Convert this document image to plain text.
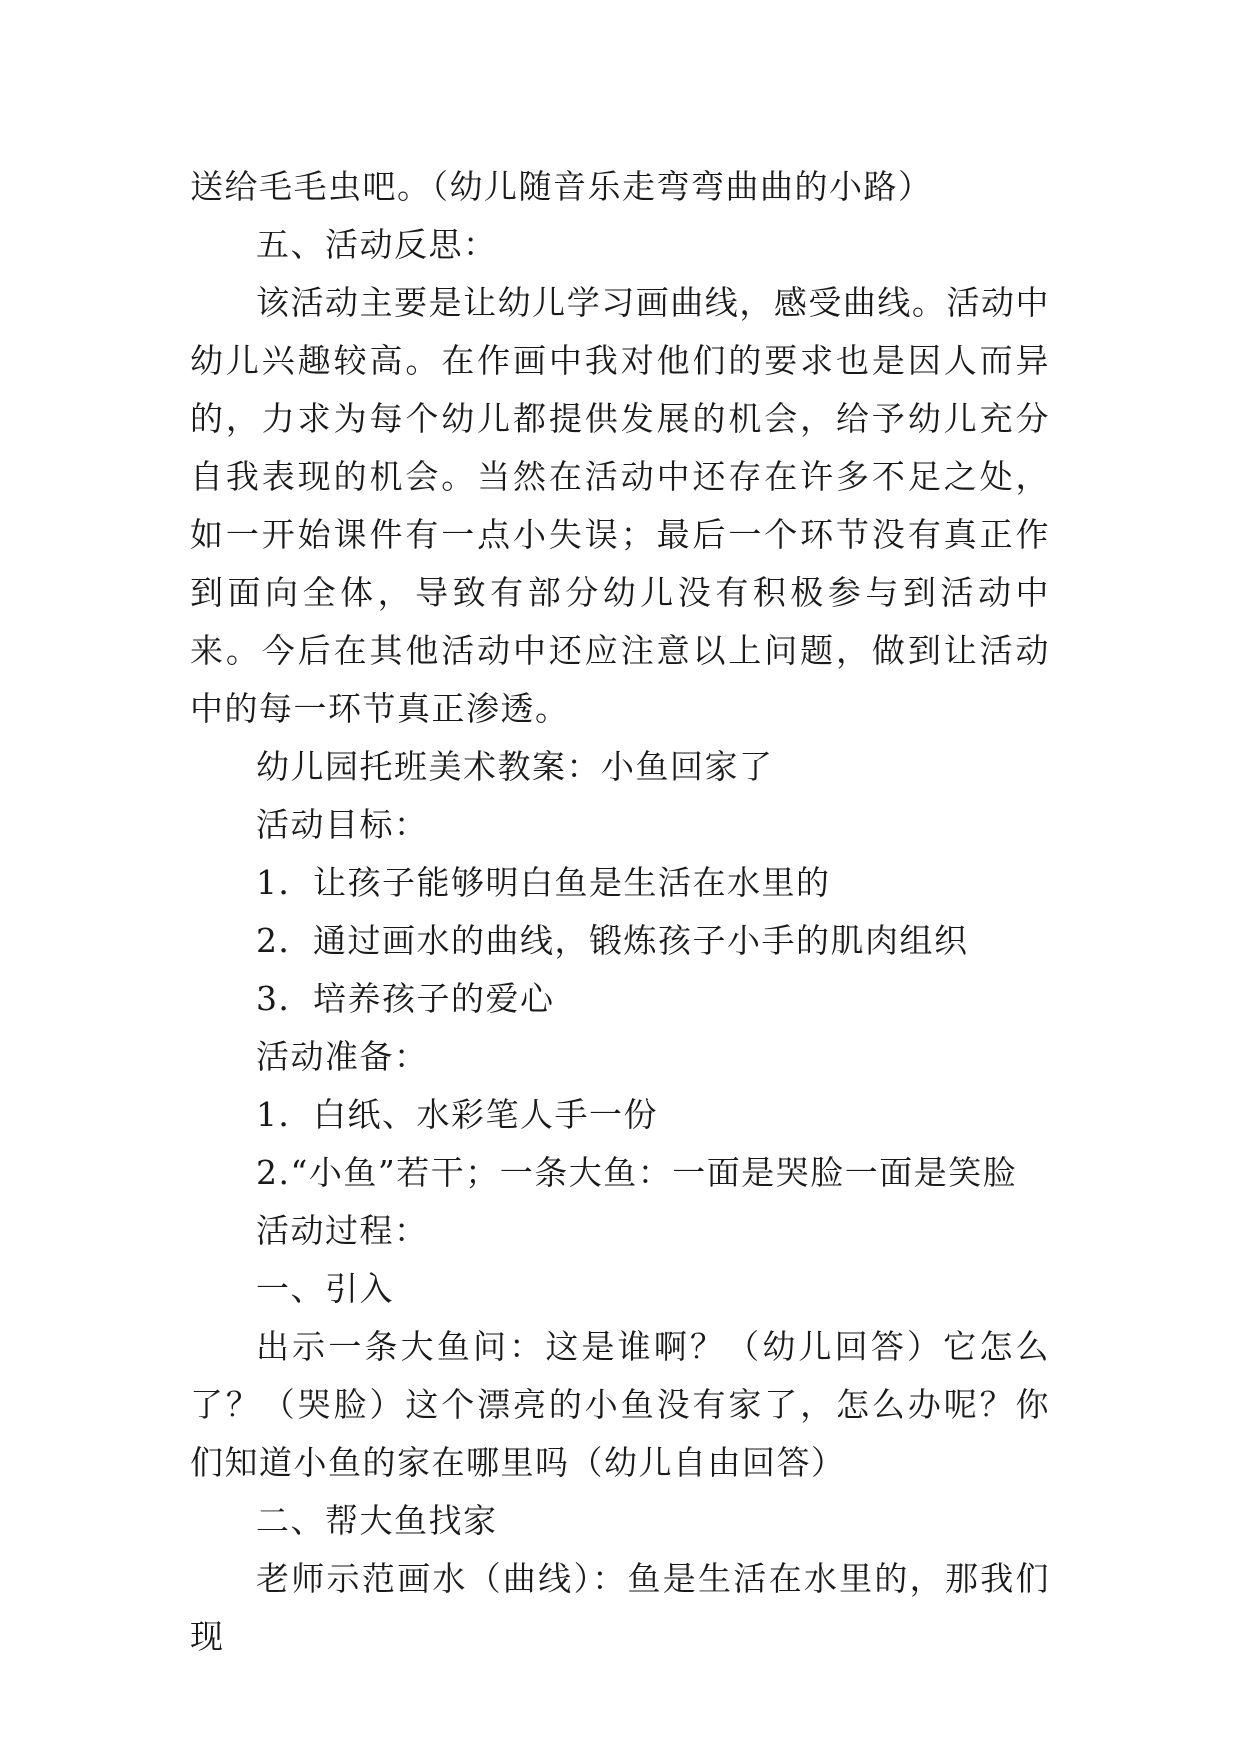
送给毛毛虫吧。（幼儿随音乐走弯弯曲曲的小路）

五、活动反思：

该活动主要是让幼儿学习画曲线，感受曲线。活动中幼儿兴趣较高。在作画中我对他们的要求也是因人而异的，力求为每个幼儿都提供发展的机会，给予幼儿充分自我表现的机会。当然在活动中还存在许多不足之处，如一开始课件有一点小失误；最后一个环节没有真正作到面向全体，导致有部分幼儿没有积极参与到活动中来。今后在其他活动中还应注意以上问题，做到让活动中的每一环节真正渗透。

幼儿园托班美术教案：小鱼回家了

活动目标：

1．让孩子能够明白鱼是生活在水里的

2．通过画水的曲线，锻炼孩子小手的肌肉组织

3．培养孩子的爱心

活动准备：

1．白纸、水彩笔人手一份

2.“小鱼”若干；一条大鱼：一面是哭脸一面是笑脸

活动过程：

一、引入

出示一条大鱼问：这是谁啊？（幼儿回答）它怎么了？（哭脸）这个漂亮的小鱼没有家了，怎么办呢？你们知道小鱼的家在哪里吗（幼儿自由回答）

二、帮大鱼找家

老师示范画水（曲线）：鱼是生活在水里的，那我们现
